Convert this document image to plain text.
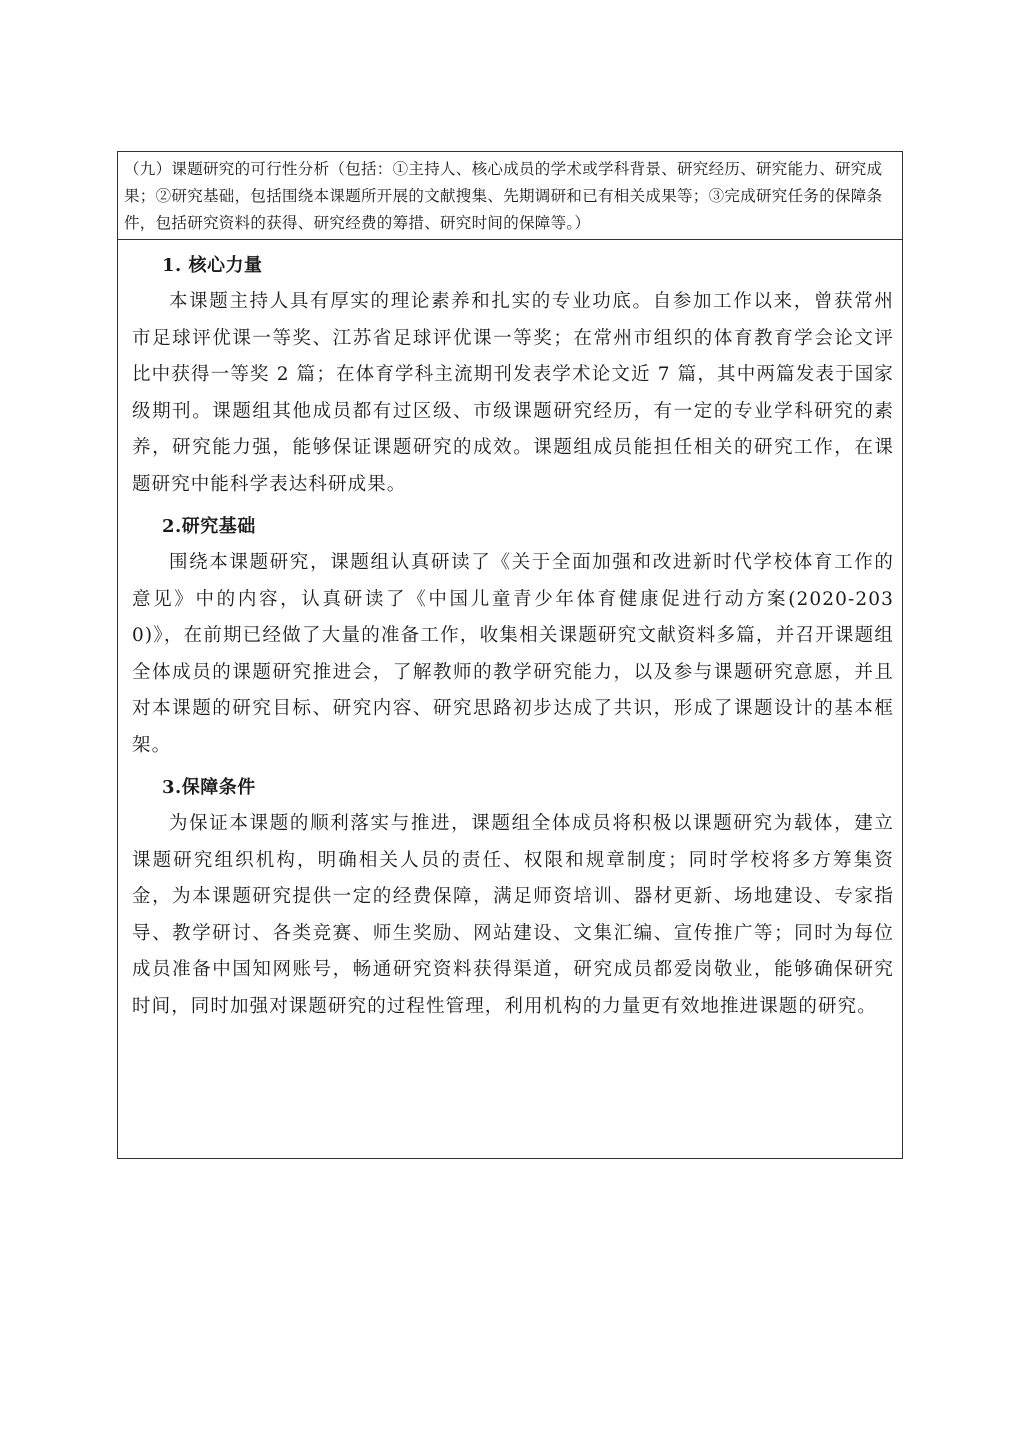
（九）课题研究的可行性分析（包括：①主持人、核心成员的学术或学科背景、研究经历、研究能力、研究成果；②研究基础，包括围绕本课题所开展的文献搜集、先期调研和已有相关成果等；③完成研究任务的保障条件，包括研究资料的获得、研究经费的筹措、研究时间的保障等。）
1. 核心力量

本课题主持人具有厚实的理论素养和扎实的专业功底。自参加工作以来，曾获常州市足球评优课一等奖、江苏省足球评优课一等奖；在常州市组织的体育教育学会论文评比中获得一等奖 2 篇；在体育学科主流期刊发表学术论文近 7 篇，其中两篇发表于国家级期刊。课题组其他成员都有过区级、市级课题研究经历，有一定的专业学科研究的素养，研究能力强，能够保证课题研究的成效。课题组成员能担任相关的研究工作，在课题研究中能科学表达科研成果。

2.研究基础

围绕本课题研究，课题组认真研读了《关于全面加强和改进新时代学校体育工作的意见》中的内容，认真研读了《中国儿童青少年体育健康促进行动方案(2020-2030)》，在前期已经做了大量的准备工作，收集相关课题研究文献资料多篇，并召开课题组全体成员的课题研究推进会，了解教师的教学研究能力，以及参与课题研究意愿，并且对本课题的研究目标、研究内容、研究思路初步达成了共识，形成了课题设计的基本框架。

3.保障条件

为保证本课题的顺利落实与推进，课题组全体成员将积极以课题研究为载体，建立课题研究组织机构，明确相关人员的责任、权限和规章制度；同时学校将多方筹集资金，为本课题研究提供一定的经费保障，满足师资培训、器材更新、场地建设、专家指导、教学研讨、各类竞赛、师生奖励、网站建设、文集汇编、宣传推广等；同时为每位成员准备中国知网账号，畅通研究资料获得渠道，研究成员都爱岗敬业，能够确保研究时间，同时加强对课题研究的过程性管理，利用机构的力量更有效地推进课题的研究。
